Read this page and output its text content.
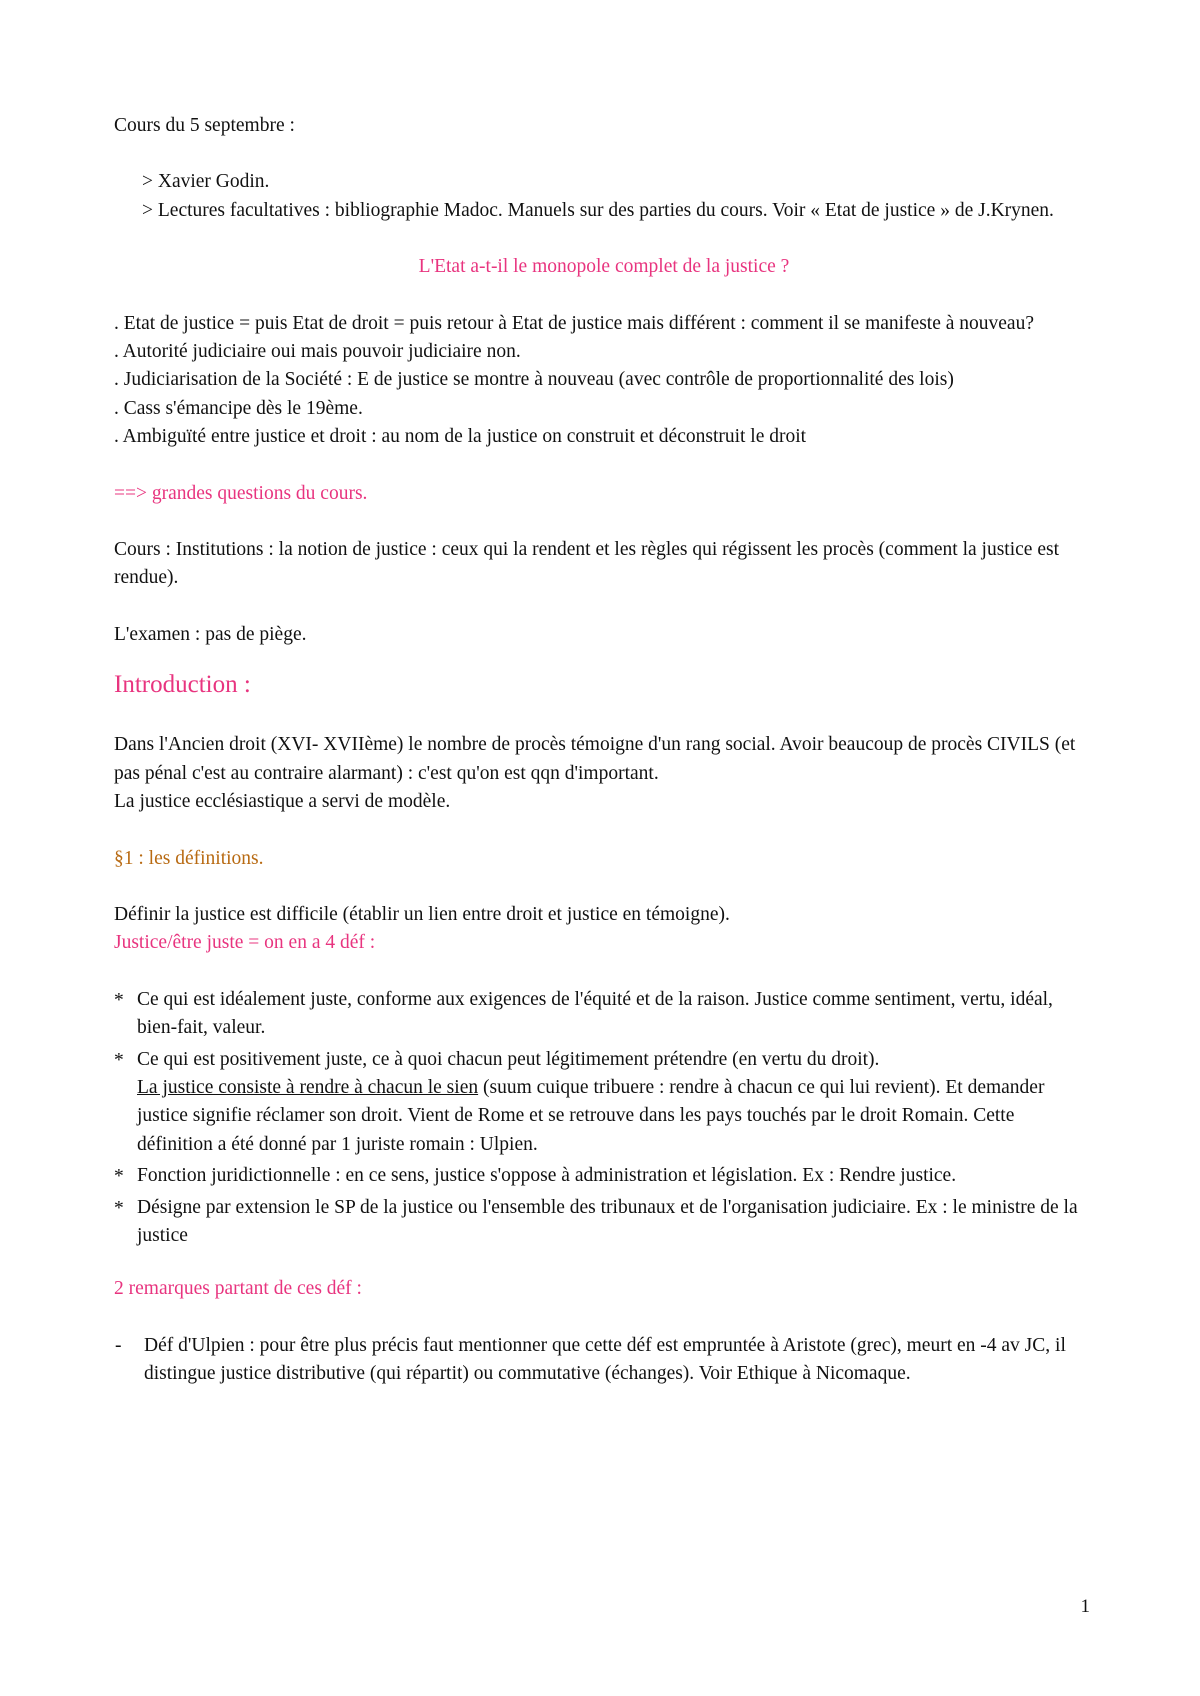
Cours du 5 septembre :

> Xavier Godin.

> Lectures facultatives : bibliographie Madoc. Manuels sur des parties du cours. Voir « Etat de justice » de J.Krynen.

L'Etat a-t-il le monopole complet de la justice ?

. Etat de justice = puis Etat de droit = puis retour à Etat de justice mais différent : comment il se manifeste à nouveau?

. Autorité judiciaire oui mais pouvoir judiciaire non.

. Judiciarisation de la Société : E de justice se montre à nouveau (avec contrôle de proportionnalité des lois)

. Cass s'émancipe dès le 19ème.

. Ambiguïté entre justice et droit : au nom de la justice on construit et déconstruit le droit

==> grandes questions du cours.

Cours : Institutions : la notion de justice : ceux qui la rendent et les règles qui régissent les procès (comment la justice est rendue).

L'examen : pas de piège.

Introduction :

Dans l'Ancien droit (XVI- XVIIème) le nombre de procès témoigne d'un rang social. Avoir beaucoup de procès CIVILS (et pas pénal c'est au contraire alarmant) : c'est qu'on est qqn d'important.

La justice ecclésiastique a servi de modèle.

§1 : les définitions.

Définir la justice est difficile (établir un lien entre droit et justice en témoigne).

Justice/être juste = on en a 4 déf :

* Ce qui est idéalement juste, conforme aux exigences de l'équité et de la raison. Justice comme sentiment, vertu, idéal, bien-fait, valeur.
* Ce qui est positivement juste, ce à quoi chacun peut légitimement prétendre (en vertu du droit).
La justice consiste à rendre à chacun le sien (suum cuique tribuere : rendre à chacun ce qui lui revient). Et demander justice signifie réclamer son droit. Vient de Rome et se retrouve dans les pays touchés par le droit Romain. Cette définition a été donné par 1 juriste romain : Ulpien.
* Fonction juridictionnelle : en ce sens, justice s'oppose à administration et législation. Ex : Rendre justice.
* Désigne par extension le SP de la justice ou l'ensemble des tribunaux et de l'organisation judiciaire. Ex : le ministre de la justice

2 remarques partant de ces déf :

- Déf d'Ulpien : pour être plus précis faut mentionner que cette déf est empruntée à Aristote (grec), meurt en -4 av JC, il distingue justice distributive (qui répartit) ou commutative (échanges). Voir Ethique à Nicomaque.
1
